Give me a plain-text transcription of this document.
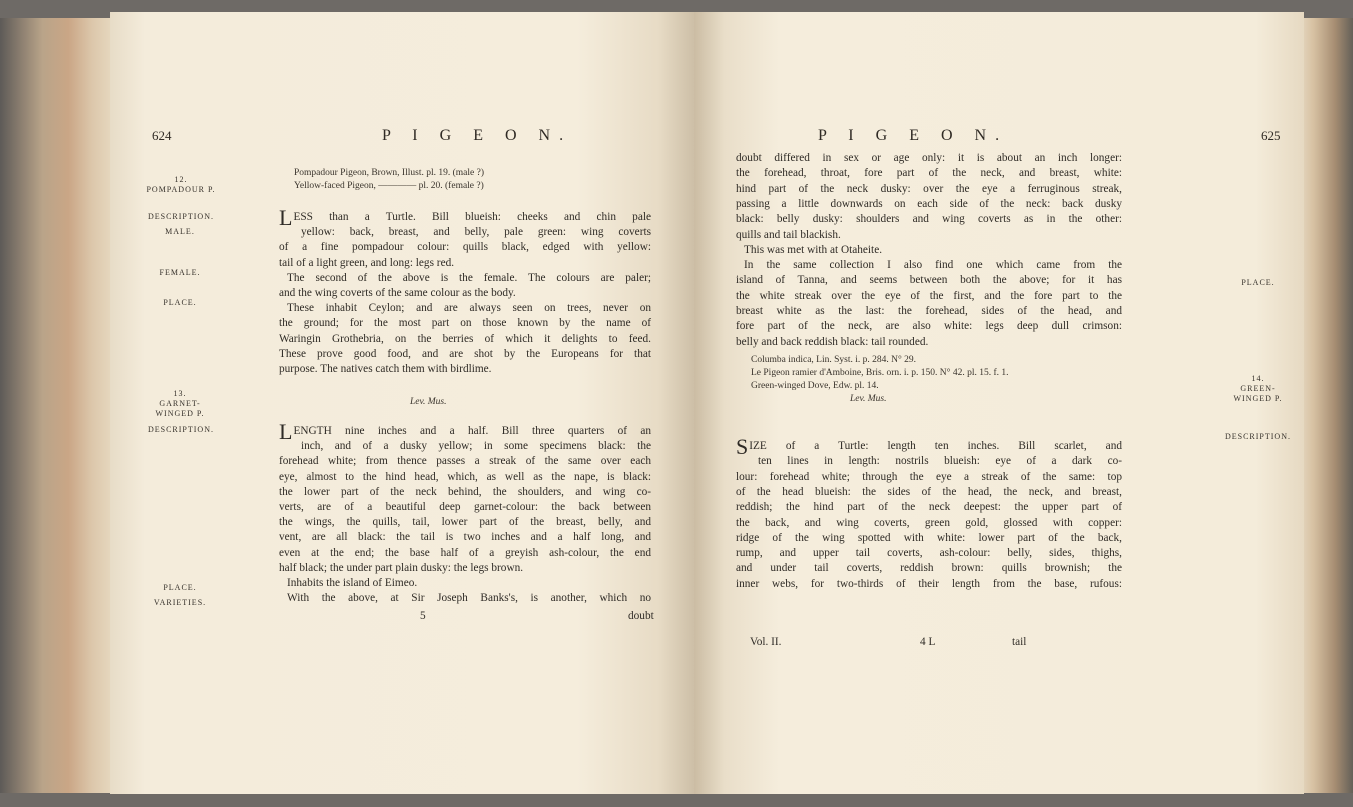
P I G E O N.
624
12.
POMPADOUR P.
DESCRIPTION.
MALE.
FEMALE.
PLACE.
13.
GARNET-
WINGED P.
DESCRIPTION.
PLACE.
VARIETIES.
Pompadour Pigeon, Brown, Illust. pl. 19. (male ?)
Yellow-faced Pigeon, ———— pl. 20. (female ?)
Lev. Mus.
LESS than a Turtle. Bill blueish: cheeks and chin pale
yellow: back, breast, and belly, pale green: wing coverts
of a fine pompadour colour: quills black, edged with yellow:
tail of a light green, and long: legs red.
The second of the above is the female. The colours are paler;
and the wing coverts of the same colour as the body.
These inhabit Ceylon; and are always seen on trees, never on
the ground; for the most part on those known by the name of
Waringin Grothebria, on the berries of which it delights to feed.
These prove good food, and are shot by the Europeans for that
purpose. The natives catch them with birdlime.
LENGTH nine inches and a half. Bill three quarters of an
inch, and of a dusky yellow; in some specimens black: the
forehead white; from thence passes a streak of the same over each
eye, almost to the hind head, which, as well as the nape, is black:
the lower part of the neck behind, the shoulders, and wing co-
verts, are of a beautiful deep garnet-colour: the back between
the wings, the quills, tail, lower part of the breast, belly, and
vent, are all black: the tail is two inches and a half long, and
even at the end; the base half of a greyish ash-colour, the end
half black; the under part plain dusky: the legs brown.
Inhabits the island of Eimeo.
With the above, at Sir Joseph Banks's, is another, which no
5	doubt
P I G E O N.	625
PLACE.
14.
GREEN-
WINGED P.
DESCRIPTION.
Columba indica, Lin. Syst. i. p. 284. N° 29.
Le Pigeon ramier d'Amboine, Bris. orn. i. p. 150. N° 42. pl. 15. f. 1.
Green-winged Dove, Edw. pl. 14.
Lev. Mus.
doubt differed in sex or age only: it is about an inch longer:
the forehead, throat, fore part of the neck, and breast, white:
hind part of the neck dusky: over the eye a ferruginous streak,
passing a little downwards on each side of the neck: back dusky
black: belly dusky: shoulders and wing coverts as in the other:
quills and tail blackish.
This was met with at Otaheite.
In the same collection I also find one which came from the
island of Tanna, and seems between both the above; for it has
the white streak over the eye of the first, and the fore part to the
breast white as the last: the forehead, sides of the head, and
fore part of the neck, are also white: legs deep dull crimson:
belly and back reddish black: tail rounded.
SIZE of a Turtle: length ten inches. Bill scarlet, and
ten lines in length: nostrils blueish: eye of a dark co-
lour: forehead white; through the eye a streak of the same: top
of the head blueish: the sides of the head, the neck, and breast,
reddish; the hind part of the neck deepest: the upper part of
the back, and wing coverts, green gold, glossed with copper:
ridge of the wing spotted with white: lower part of the back,
rump, and upper tail coverts, ash-colour: belly, sides, thighs,
and under tail coverts, reddish brown: quills brownish; the
inner webs, for two-thirds of their length from the base, rufous:
Vol. II.	4 L	tail
